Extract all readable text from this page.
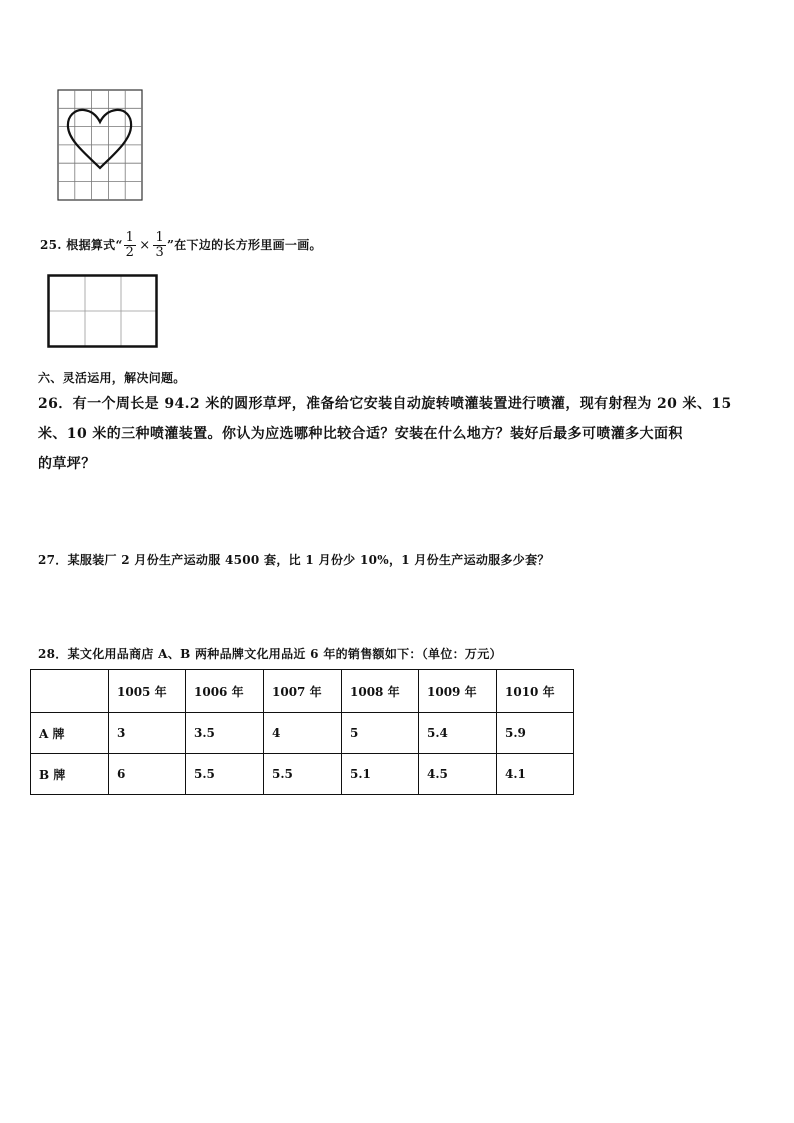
25. 根据算式“ $\frac{1}{2} \times \frac{1}{3}$ ”在下边的长方形里画一画。
六、灵活运用，解决问题。
26．有一个周长是 94.2 米的圆形草坪，准备给它安装自动旋转喷灌装置进行喷灌，现有射程为 20 米、15
米、10 米的三种喷灌装置。你认为应选哪种比较合适？安装在什么地方？装好后最多可喷灌多大面积
的草坪？
27．某服装厂 2 月份生产运动服 4500 套，比 1 月份少 10%，1 月份生产运动服多少套？
28．某文化用品商店 A、B 两种品牌文化用品近 6 年的销售额如下：（单位：万元）
	1005 年	1006 年	1007 年	1008 年	1009 年	1010 年
A 牌	3	3.5	4	5	5.4	5.9
B 牌	6	5.5	5.5	5.1	4.5	4.1
